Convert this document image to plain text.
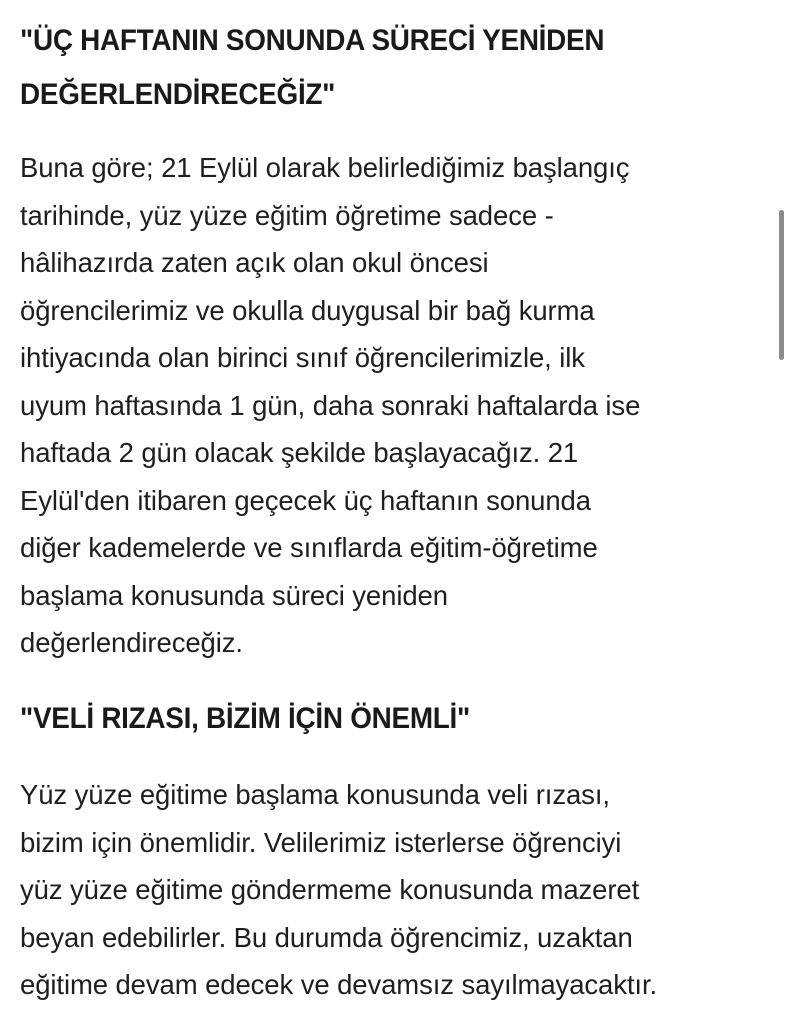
"ÜÇ HAFTANIN SONUNDA SÜRECİ YENİDEN
DEĞERLENDİRECEĞİZ"

Buna göre; 21 Eylül olarak belirlediğimiz başlangıç
tarihinde, yüz yüze eğitim öğretime sadece -
hâlihazırda zaten açık olan okul öncesi
öğrencilerimiz ve okulla duygusal bir bağ kurma
ihtiyacında olan birinci sınıf öğrencilerimizle, ilk
uyum haftasında 1 gün, daha sonraki haftalarda ise
haftada 2 gün olacak şekilde başlayacağız. 21
Eylül'den itibaren geçecek üç haftanın sonunda
diğer kademelerde ve sınıflarda eğitim-öğretime
başlama konusunda süreci yeniden
değerlendireceğiz.

"VELİ RIZASI, BİZİM İÇİN ÖNEMLİ"

Yüz yüze eğitime başlama konusunda veli rızası,
bizim için önemlidir. Velilerimiz isterlerse öğrenciyi
yüz yüze eğitime göndermeme konusunda mazeret
beyan edebilirler. Bu durumda öğrencimiz, uzaktan
eğitime devam edecek ve devamsız sayılmayacaktır.
